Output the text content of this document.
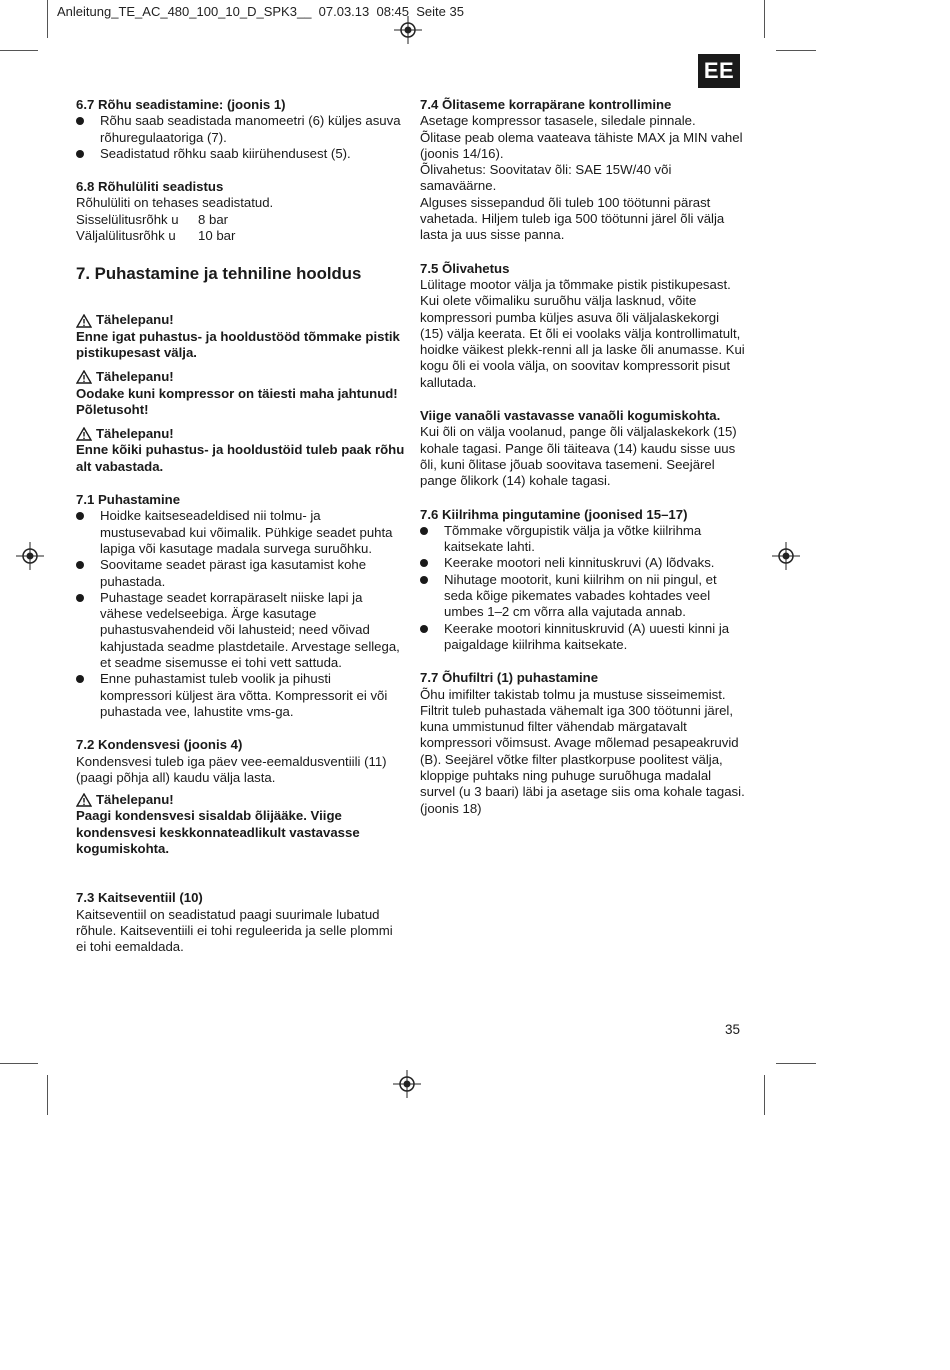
Anleitung_TE_AC_480_100_10_D_SPK3__  07.03.13  08:45  Seite 35
EE

6.7 Rõhu seadistamine: (joonis 1)

Rõhu saab seadistada manomeetri (6) küljes asuva rõhuregulaatoriga (7).
Seadistatud rõhku saab kiirühendusest (5).

6.8 Rõhulüliti seadistus

Rõhulüliti on tehases seadistatud.

Sisselülitusrõhk u	8 bar
Väljalülitusrõhk u	10 bar

7. Puhastamine ja tehniline hooldus

Tähelepanu!

Enne igat puhastus- ja hooldustööd tõmmake pistik pistikupesast välja.

Tähelepanu!

Oodake kuni kompressor on täiesti maha jahtunud! Põletusoht!

Tähelepanu!

Enne kõiki puhastus- ja hooldustöid tuleb paak rõhu alt vabastada.

7.1 Puhastamine

Hoidke kaitseseadeldised nii tolmu- ja mustusevabad kui võimalik. Pühkige seadet puhta lapiga või kasutage madala survega suruõhku.
Soovitame seadet pärast iga kasutamist kohe puhastada.
Puhastage seadet korrapäraselt niiske lapi ja vähese vedelseebiga. Ärge kasutage puhastusvahendeid või lahusteid; need võivad kahjustada seadme plastdetaile. Arvestage sellega, et seadme sisemusse ei tohi vett sattuda.
Enne puhastamist tuleb voolik ja pihusti kompressori küljest ära võtta. Kompressorit ei või puhastada vee, lahustite vms-ga.

7.2 Kondensvesi (joonis 4)

Kondensvesi tuleb iga päev vee-eemaldusventiili (11) (paagi põhja all) kaudu välja lasta.

Tähelepanu!

Paagi kondensvesi sisaldab õlijääke. Viige kondensvesi keskkonnateadlikult vastavasse kogumiskohta.

7.3 Kaitseventiil (10)

Kaitseventiil on seadistatud paagi suurimale lubatud rõhule. Kaitseventiili ei tohi reguleerida ja selle plommi ei tohi eemaldada.

7.4 Õlitaseme korrapärane kontrollimine

Asetage kompressor tasasele, siledale pinnale.

Õlitase peab olema vaateava tähiste MAX ja MIN vahel (joonis 14/16).

Õlivahetus: Soovitatav õli: SAE 15W/40 või samaväärne.

Alguses sissepandud õli tuleb 100 töötunni pärast vahetada. Hiljem tuleb iga 500 töötunni järel õli välja lasta ja uus sisse panna.

7.5 Õlivahetus

Lülitage mootor välja ja tõmmake pistik pistikupesast. Kui olete võimaliku suruõhu välja lasknud, võite kompressori pumba küljes asuva õli väljalaskekorgi (15) välja keerata. Et õli ei voolaks välja kontrollimatult, hoidke väikest plekk-renni all ja laske õli anumasse. Kui kogu õli ei voola välja, on soovitav kompressorit pisut kallutada.

Viige vanaõli vastavasse vanaõli kogumiskohta.

Kui õli on välja voolanud, pange õli väljalaskekork (15) kohale tagasi. Pange õli täiteava (14) kaudu sisse uus õli, kuni õlitase jõuab soovitava tasemeni. Seejärel pange õlikork (14) kohale tagasi.

7.6 Kiilrihma pingutamine (joonised 15–17)

Tõmmake võrgupistik välja ja võtke kiilrihma kaitsekate lahti.
Keerake mootori neli kinnituskruvi (A) lõdvaks.
Nihutage mootorit, kuni kiilrihm on nii pingul, et seda kõige pikemates vabades kohtades veel umbes 1–2 cm võrra alla vajutada annab.
Keerake mootori kinnituskruvid (A) uuesti kinni ja paigaldage kiilrihma kaitsekate.

7.7 Õhufiltri (1) puhastamine

Õhu imifilter takistab tolmu ja mustuse sisseimemist. Filtrit tuleb puhastada vähemalt iga 300 töötunni järel, kuna ummistunud filter vähendab märgatavalt kompressori võimsust. Avage mõlemad pesapeakruvid (B). Seejärel võtke filter plastkorpuse poolitest välja, kloppige puhtaks ning puhuge suruõhuga madalal survel (u 3 baari) läbi ja asetage siis oma kohale tagasi. (joonis 18)

35
